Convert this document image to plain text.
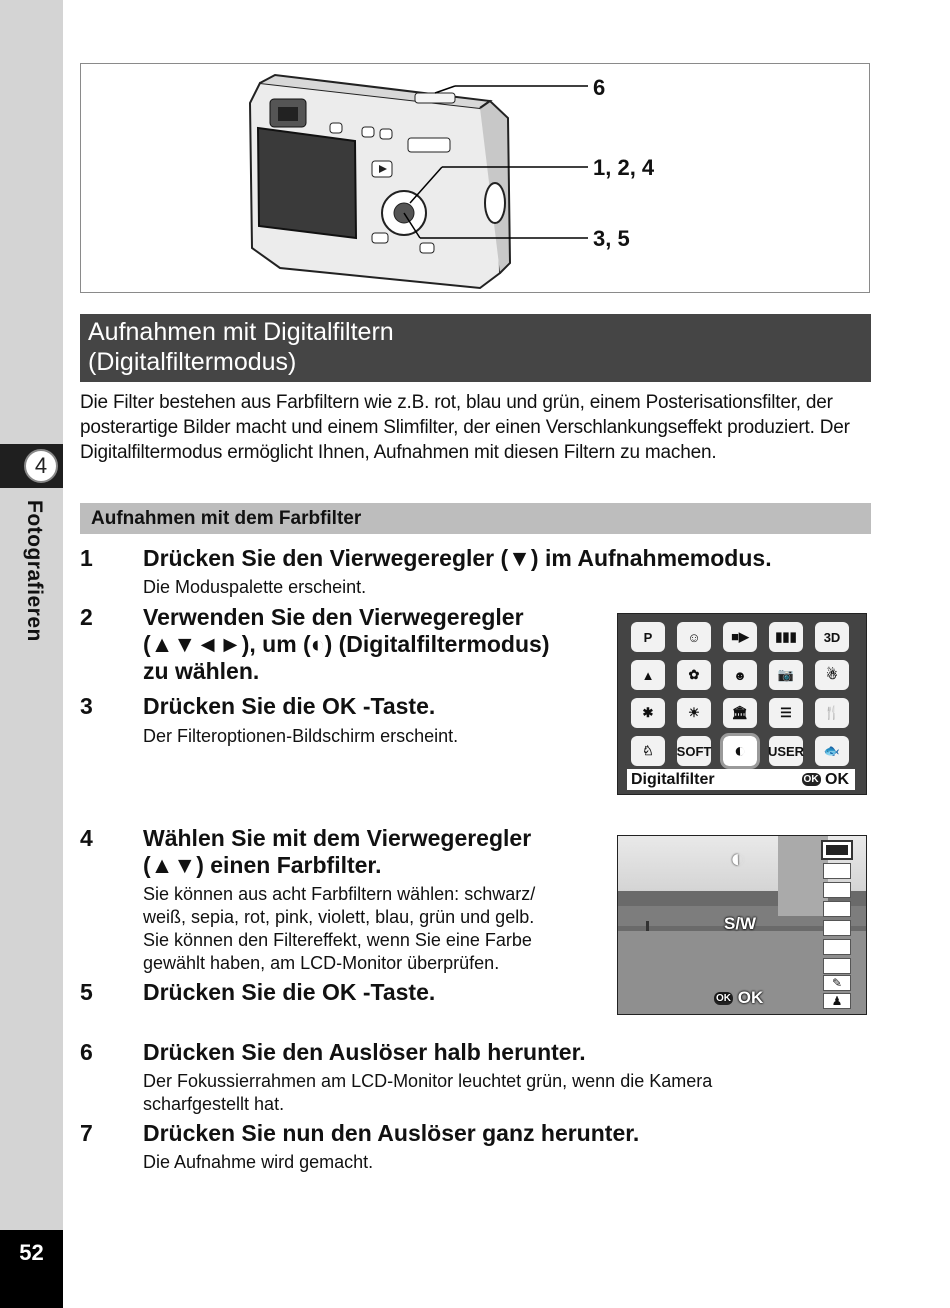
4
Fotografieren
52
6
1, 2, 4
3, 5
Aufnahmen mit Digitalfiltern
(Digitalfiltermodus)
Die Filter bestehen aus Farbfiltern wie z.B. rot, blau und grün, einem Posterisationsfilter, der posterartige Bilder macht und einem Slimfilter, der einen Verschlankungseffekt produziert. Der Digitalfiltermodus ermöglicht Ihnen, Aufnahmen mit diesen Filtern zu machen.
Aufnahmen mit dem Farbfilter
1 Drücken Sie den Vierwegeregler (▼) im Aufnahmemodus.
Die Moduspalette erscheint.
2 Verwenden Sie den Vierwegeregler
(▲▼◄►), um (◐) (Digitalfiltermodus)
zu wählen.
3 Drücken Sie die OK -Taste.
Der Filteroptionen-Bildschirm erscheint.
P	☺	■▶	▮▮▮	3D
▲	✿	☻	📷	☃
✱	☀	🏛	☰	🍴
♘	SOFT	◐	USER	🐟
Digitalfilter	OK OK
4 Wählen Sie mit dem Vierwegeregler
(▲▼) einen Farbfilter.
Sie können aus acht Farbfiltern wählen: schwarz/
weiß, sepia, rot, pink, violett, blau, grün und gelb.
Sie können den Filtereffekt, wenn Sie eine Farbe
gewählt haben, am LCD-Monitor überprüfen.
◐
S/W
OK OK
✎
♟
5 Drücken Sie die OK -Taste.
6 Drücken Sie den Auslöser halb herunter.
Der Fokussierrahmen am LCD-Monitor leuchtet grün, wenn die Kamera
scharfgestellt hat.
7 Drücken Sie nun den Auslöser ganz herunter.
Die Aufnahme wird gemacht.
